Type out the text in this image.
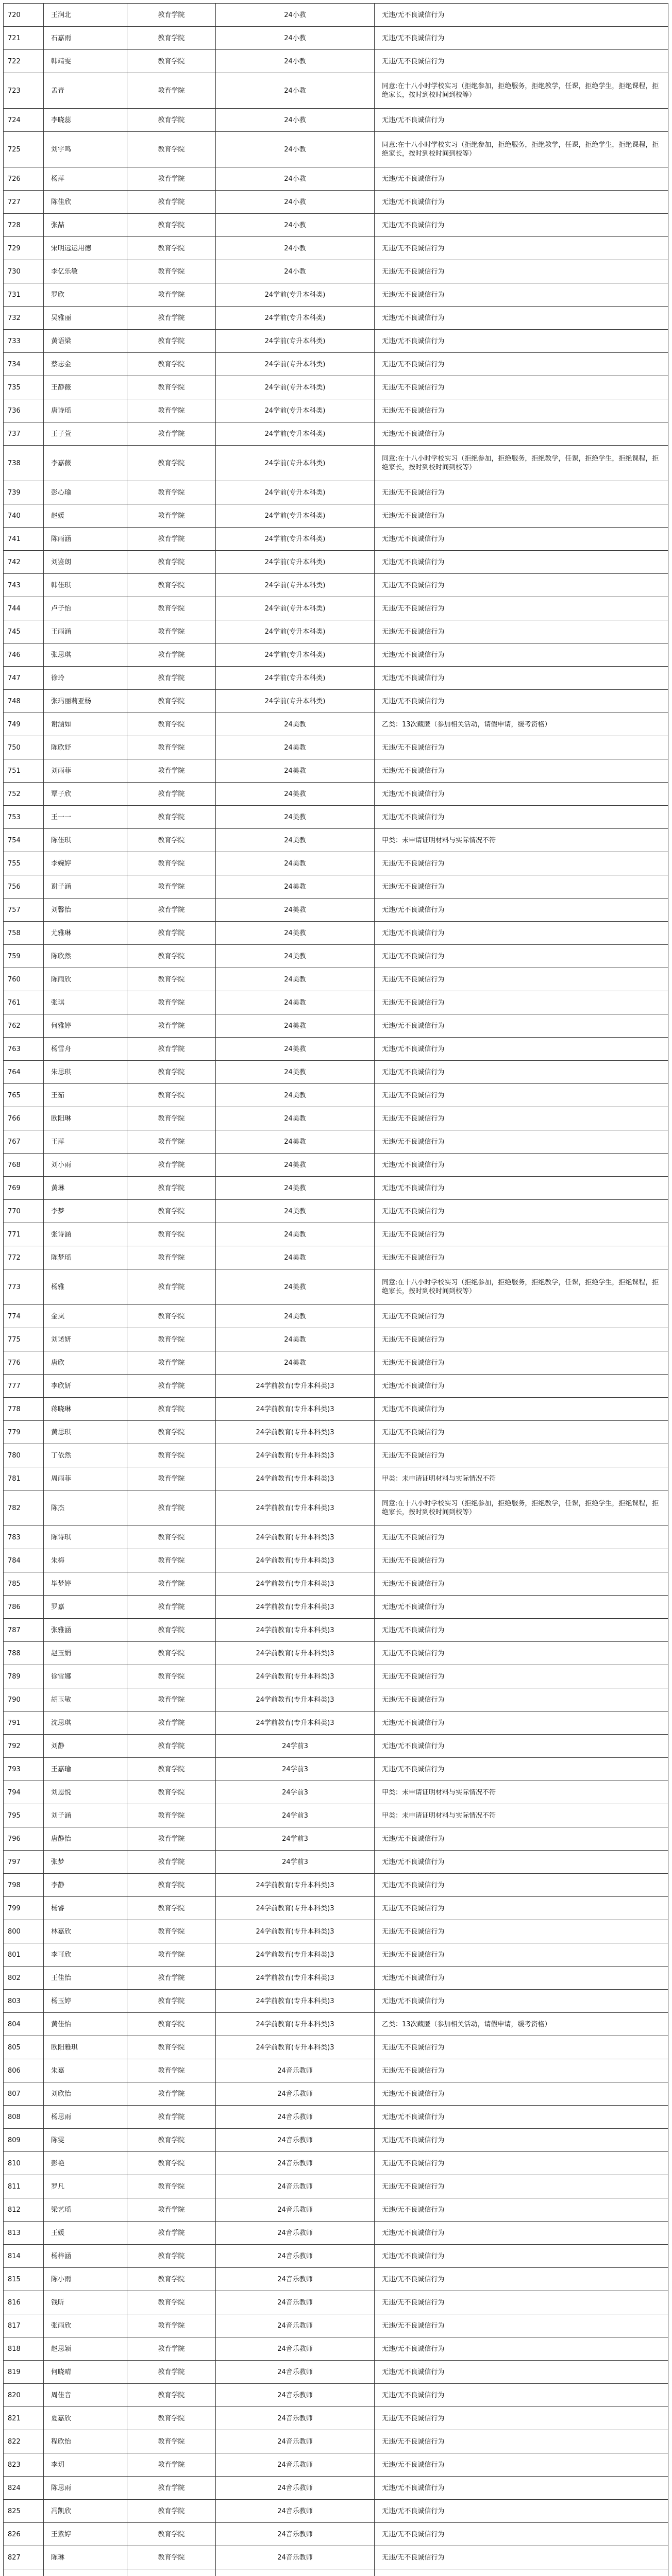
720	王润北	教育学院	24小教	无违/无不良诚信行为
721	石嘉雨	教育学院	24小教	无违/无不良诚信行为
722	韩靖雯	教育学院	24小教	无违/无不良诚信行为
723	孟青	教育学院	24小教	同意:在十八小时学校实习（拒绝参加，拒绝服务，拒绝教学，任课，拒绝学生，拒绝课程，拒绝家长，按时到校时间到校等）
724	李晓蕊	教育学院	24小教	无违/无不良诚信行为
725	刘宇鸣	教育学院	24小教	同意:在十八小时学校实习（拒绝参加，拒绝服务，拒绝教学，任课，拒绝学生，拒绝课程，拒绝家长，按时到校时间到校等）
726	杨萍	教育学院	24小教	无违/无不良诚信行为
727	陈佳欣	教育学院	24小教	无违/无不良诚信行为
728	张喆	教育学院	24小教	无违/无不良诚信行为
729	宋明远运用德	教育学院	24小教	无违/无不良诚信行为
730	李亿乐敏	教育学院	24小教	无违/无不良诚信行为
731	罗欣	教育学院	24学前(专升本科类)	无违/无不良诚信行为
732	吴雅丽	教育学院	24学前(专升本科类)	无违/无不良诚信行为
733	黄语梁	教育学院	24学前(专升本科类)	无违/无不良诚信行为
734	蔡志金	教育学院	24学前(专升本科类)	无违/无不良诚信行为
735	王静薇	教育学院	24学前(专升本科类)	无违/无不良诚信行为
736	唐诗瑶	教育学院	24学前(专升本科类)	无违/无不良诚信行为
737	王子萱	教育学院	24学前(专升本科类)	无违/无不良诚信行为
738	李嘉薇	教育学院	24学前(专升本科类)	同意:在十八小时学校实习（拒绝参加，拒绝服务，拒绝教学，任课，拒绝学生，拒绝课程，拒绝家长，按时到校时间到校等）
739	彭心瑜	教育学院	24学前(专升本科类)	无违/无不良诚信行为
740	赵媛	教育学院	24学前(专升本科类)	无违/无不良诚信行为
741	陈雨涵	教育学院	24学前(专升本科类)	无违/无不良诚信行为
742	刘鉴朗	教育学院	24学前(专升本科类)	无违/无不良诚信行为
743	韩佳琪	教育学院	24学前(专升本科类)	无违/无不良诚信行为
744	卢子怡	教育学院	24学前(专升本科类)	无违/无不良诚信行为
745	王雨涵	教育学院	24学前(专升本科类)	无违/无不良诚信行为
746	张思琪	教育学院	24学前(专升本科类)	无违/无不良诚信行为
747	徐玲	教育学院	24学前(专升本科类)	无违/无不良诚信行为
748	张玛丽莉亚杨	教育学院	24学前(专升本科类)	无违/无不良诚信行为
749	谢涵如	教育学院	24美教	乙类：13次藏匿（参加相关活动，请假申请，缓考资格）
750	陈欣妤	教育学院	24美教	无违/无不良诚信行为
751	刘雨菲	教育学院	24美教	无违/无不良诚信行为
752	覃子欣	教育学院	24美教	无违/无不良诚信行为
753	王一一	教育学院	24美教	无违/无不良诚信行为
754	陈佳琪	教育学院	24美教	甲类：未申请证明材料与实际情况不符
755	李婉婷	教育学院	24美教	无违/无不良诚信行为
756	谢子涵	教育学院	24美教	无违/无不良诚信行为
757	刘馨怡	教育学院	24美教	无违/无不良诚信行为
758	尤雅琳	教育学院	24美教	无违/无不良诚信行为
759	陈欣然	教育学院	24美教	无违/无不良诚信行为
760	陈雨欣	教育学院	24美教	无违/无不良诚信行为
761	张琪	教育学院	24美教	无违/无不良诚信行为
762	何雅婷	教育学院	24美教	无违/无不良诚信行为
763	杨雪舟	教育学院	24美教	无违/无不良诚信行为
764	朱思琪	教育学院	24美教	无违/无不良诚信行为
765	王茹	教育学院	24美教	无违/无不良诚信行为
766	欧阳琳	教育学院	24美教	无违/无不良诚信行为
767	王萍	教育学院	24美教	无违/无不良诚信行为
768	刘小雨	教育学院	24美教	无违/无不良诚信行为
769	黄琳	教育学院	24美教	无违/无不良诚信行为
770	李梦	教育学院	24美教	无违/无不良诚信行为
771	张诗涵	教育学院	24美教	无违/无不良诚信行为
772	陈梦瑶	教育学院	24美教	无违/无不良诚信行为
773	杨雅	教育学院	24美教	同意:在十八小时学校实习（拒绝参加，拒绝服务，拒绝教学，任课，拒绝学生，拒绝课程，拒绝家长，按时到校时间到校等）
774	金岚	教育学院	24美教	无违/无不良诚信行为
775	刘诺妍	教育学院	24美教	无违/无不良诚信行为
776	唐欣	教育学院	24美教	无违/无不良诚信行为
777	李欣妍	教育学院	24学前教育(专升本科类)3	无违/无不良诚信行为
778	蒋晓琳	教育学院	24学前教育(专升本科类)3	无违/无不良诚信行为
779	黄思琪	教育学院	24学前教育(专升本科类)3	无违/无不良诚信行为
780	丁依然	教育学院	24学前教育(专升本科类)3	无违/无不良诚信行为
781	周雨菲	教育学院	24学前教育(专升本科类)3	甲类：未申请证明材料与实际情况不符
782	陈杰	教育学院	24学前教育(专升本科类)3	同意:在十八小时学校实习（拒绝参加，拒绝服务，拒绝教学，任课，拒绝学生，拒绝课程，拒绝家长，按时到校时间到校等）
783	陈诗琪	教育学院	24学前教育(专升本科类)3	无违/无不良诚信行为
784	朱梅	教育学院	24学前教育(专升本科类)3	无违/无不良诚信行为
785	毕梦婷	教育学院	24学前教育(专升本科类)3	无违/无不良诚信行为
786	罗嘉	教育学院	24学前教育(专升本科类)3	无违/无不良诚信行为
787	张雅涵	教育学院	24学前教育(专升本科类)3	无违/无不良诚信行为
788	赵玉娟	教育学院	24学前教育(专升本科类)3	无违/无不良诚信行为
789	徐雪娜	教育学院	24学前教育(专升本科类)3	无违/无不良诚信行为
790	胡玉敏	教育学院	24学前教育(专升本科类)3	无违/无不良诚信行为
791	沈思琪	教育学院	24学前教育(专升本科类)3	无违/无不良诚信行为
792	刘静	教育学院	24学前3	无违/无不良诚信行为
793	王嘉瑜	教育学院	24学前3	无违/无不良诚信行为
794	刘恩悦	教育学院	24学前3	甲类：未申请证明材料与实际情况不符
795	刘子涵	教育学院	24学前3	甲类：未申请证明材料与实际情况不符
796	唐静怡	教育学院	24学前3	无违/无不良诚信行为
797	张梦	教育学院	24学前3	无违/无不良诚信行为
798	李静	教育学院	24学前教育(专升本科类)3	无违/无不良诚信行为
799	杨睿	教育学院	24学前教育(专升本科类)3	无违/无不良诚信行为
800	林嘉欣	教育学院	24学前教育(专升本科类)3	无违/无不良诚信行为
801	李可欣	教育学院	24学前教育(专升本科类)3	无违/无不良诚信行为
802	王佳怡	教育学院	24学前教育(专升本科类)3	无违/无不良诚信行为
803	杨玉婷	教育学院	24学前教育(专升本科类)3	无违/无不良诚信行为
804	黄佳怡	教育学院	24学前教育(专升本科类)3	乙类：13次藏匿（参加相关活动，请假申请，缓考资格）
805	欧阳雅琪	教育学院	24学前教育(专升本科类)3	无违/无不良诚信行为
806	朱嘉	教育学院	24音乐教师	无违/无不良诚信行为
807	刘欣怡	教育学院	24音乐教师	无违/无不良诚信行为
808	杨思雨	教育学院	24音乐教师	无违/无不良诚信行为
809	陈雯	教育学院	24音乐教师	无违/无不良诚信行为
810	彭艳	教育学院	24音乐教师	无违/无不良诚信行为
811	罗凡	教育学院	24音乐教师	无违/无不良诚信行为
812	梁艺瑶	教育学院	24音乐教师	无违/无不良诚信行为
813	王媛	教育学院	24音乐教师	无违/无不良诚信行为
814	杨梓涵	教育学院	24音乐教师	无违/无不良诚信行为
815	陈小雨	教育学院	24音乐教师	无违/无不良诚信行为
816	钱昕	教育学院	24音乐教师	无违/无不良诚信行为
817	张雨欣	教育学院	24音乐教师	无违/无不良诚信行为
818	赵思颖	教育学院	24音乐教师	无违/无不良诚信行为
819	何晓晴	教育学院	24音乐教师	无违/无不良诚信行为
820	周佳音	教育学院	24音乐教师	无违/无不良诚信行为
821	夏嘉欣	教育学院	24音乐教师	无违/无不良诚信行为
822	程欣怡	教育学院	24音乐教师	无违/无不良诚信行为
823	李玥	教育学院	24音乐教师	无违/无不良诚信行为
824	陈思雨	教育学院	24音乐教师	无违/无不良诚信行为
825	冯凯欣	教育学院	24音乐教师	无违/无不良诚信行为
826	王紫婷	教育学院	24音乐教师	无违/无不良诚信行为
827	陈琳	教育学院	24音乐教师	无违/无不良诚信行为
